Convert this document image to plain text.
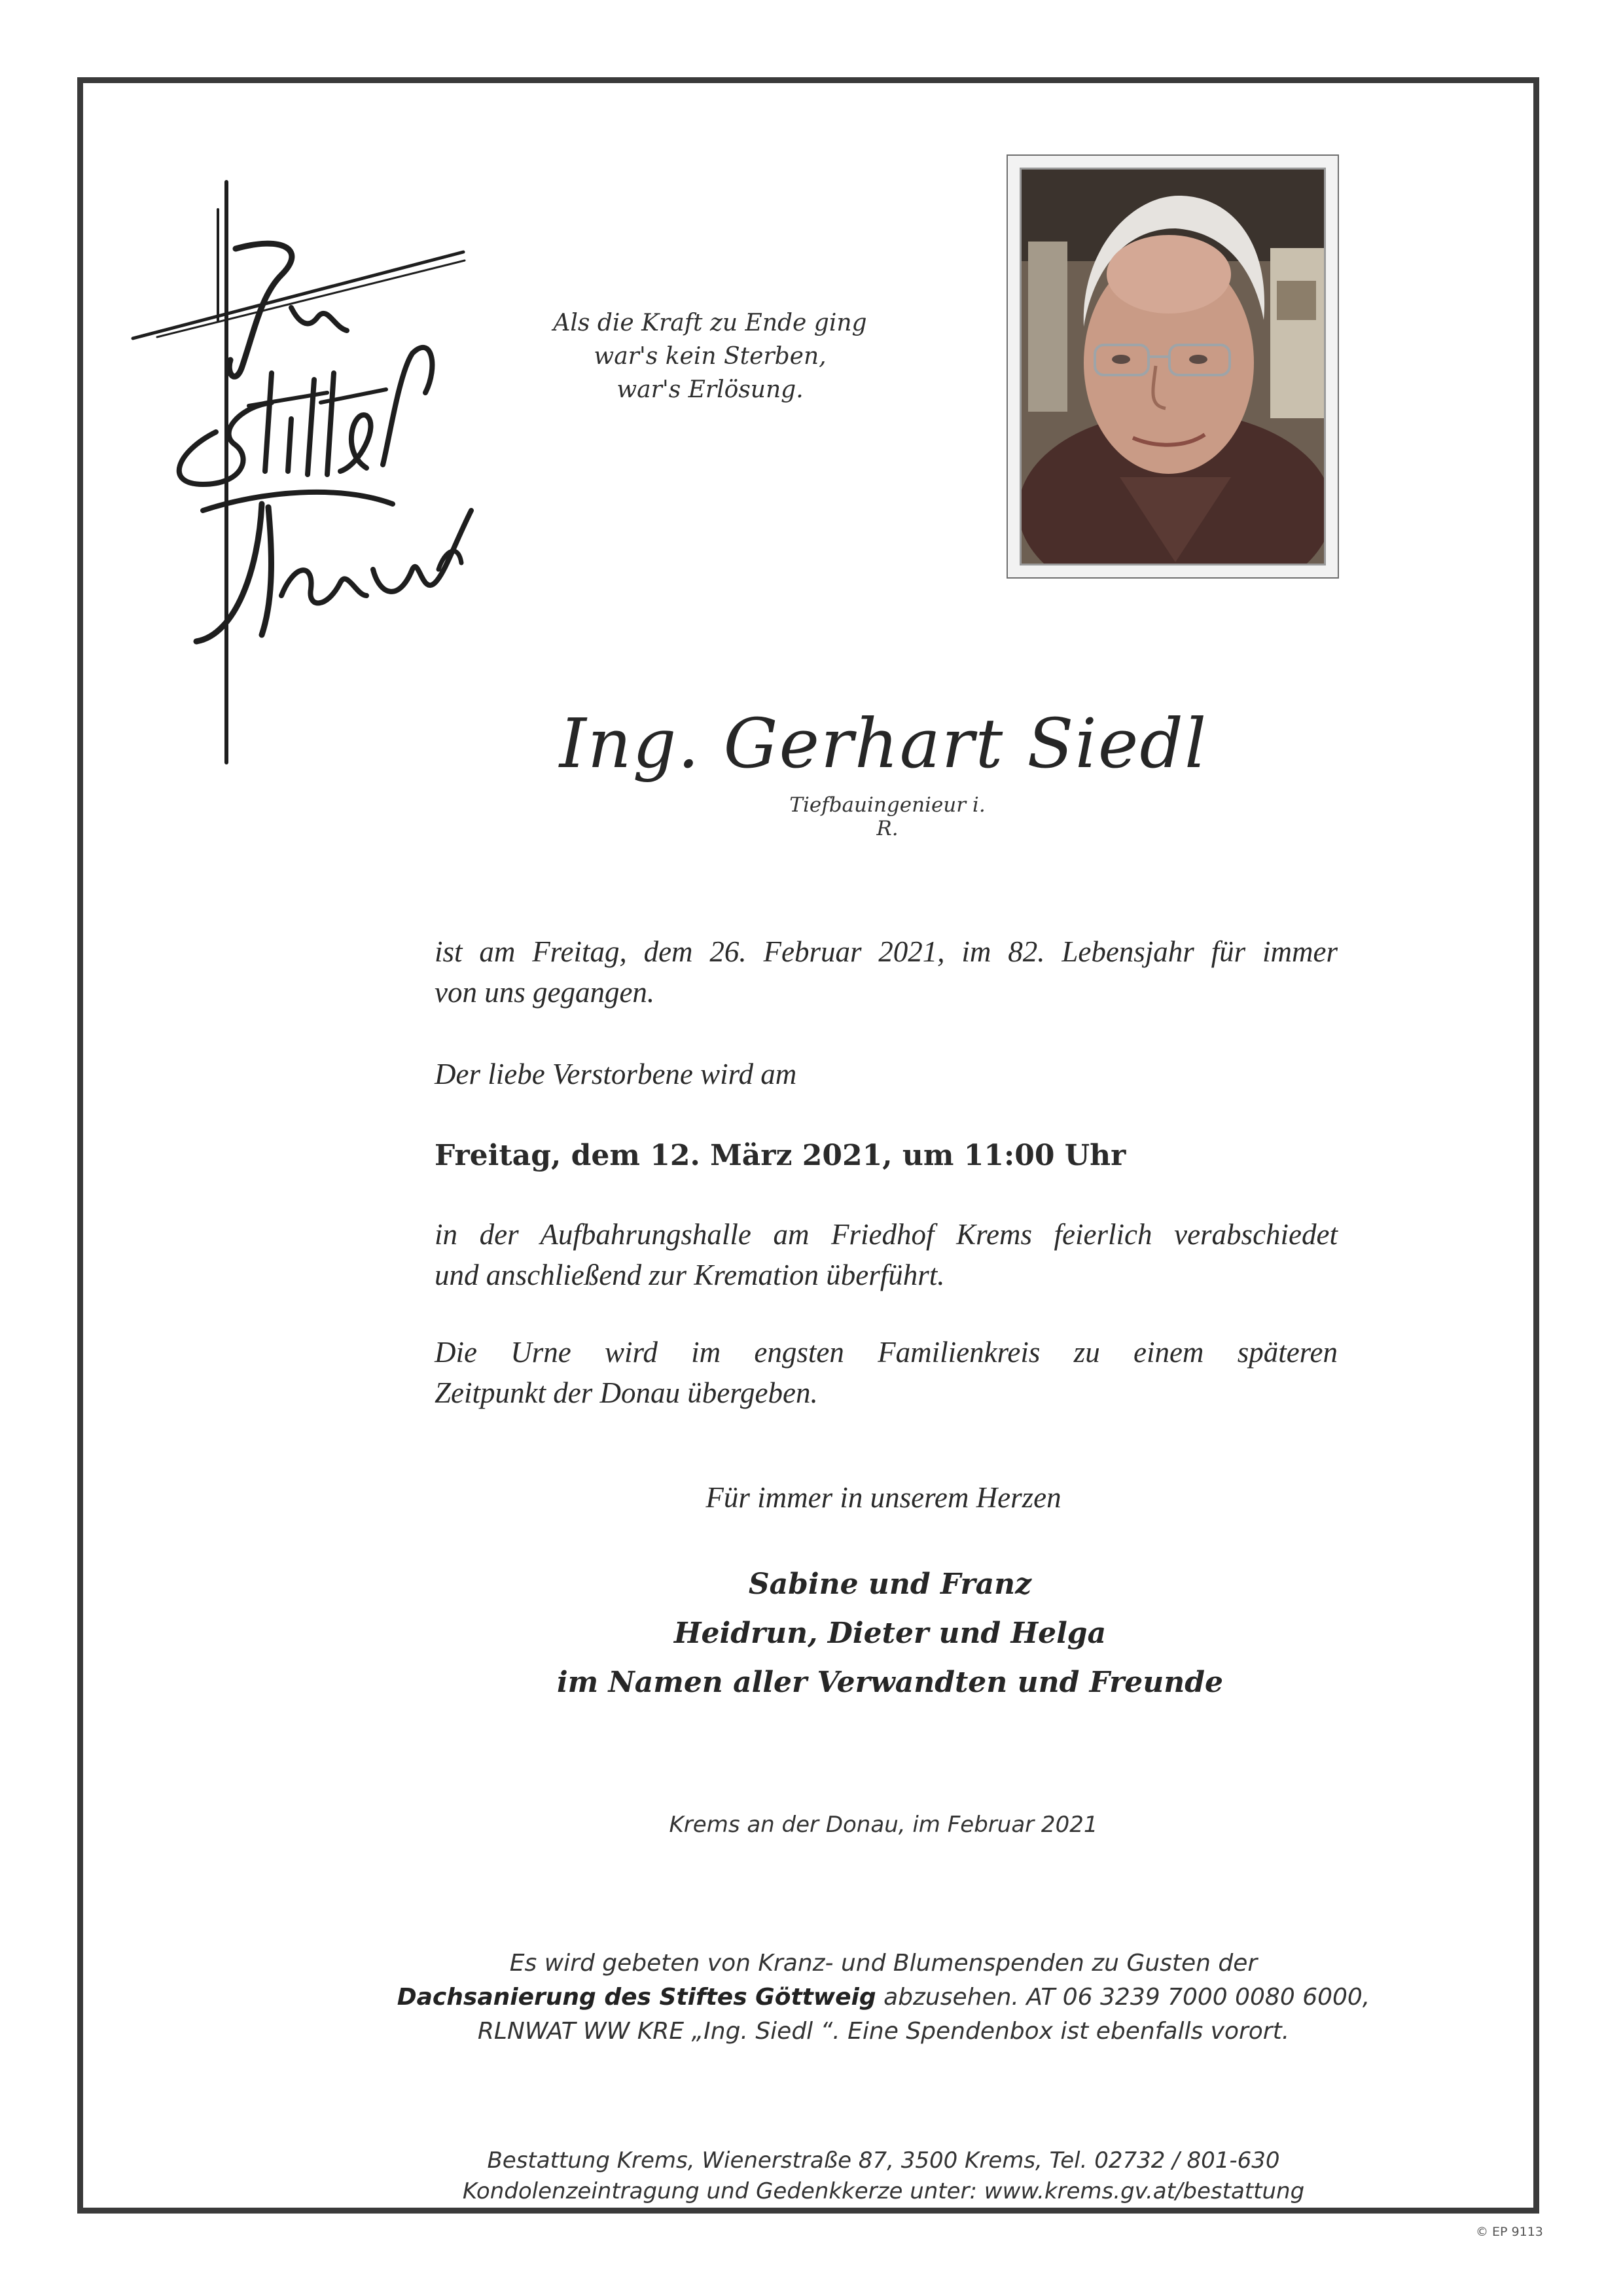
Als die Kraft zu Ende ging
war's kein Sterben,
war's Erlösung.
Ing. Gerhart Siedl
Tiefbauingenieur i. R.
ist am Freitag, dem 26. Februar 2021, im 82. Lebensjahr für immer
von uns gegangen.
Der liebe Verstorbene wird am
Freitag, dem 12. März 2021, um 11:00 Uhr
in der Aufbahrungshalle am Friedhof Krems feierlich verabschiedet
und anschließend zur Kremation überführt.
Die Urne wird im engsten Familienkreis zu einem späteren
Zeitpunkt der Donau übergeben.
Für immer in unserem Herzen
Sabine und Franz
Heidrun, Dieter und Helga
im Namen aller Verwandten und Freunde
Krems an der Donau, im Februar 2021
Es wird gebeten von Kranz- und Blumenspenden zu Gusten der
Dachsanierung des Stiftes Göttweig abzusehen. AT 06 3239 7000 0080 6000,
RLNWAT WW KRE „Ing. Siedl “. Eine Spendenbox ist ebenfalls vorort.
Bestattung Krems, Wienerstraße 87, 3500 Krems, Tel. 02732 / 801-630
Kondolenzeintragung und Gedenkkerze unter: www.krems.gv.at/bestattung
© EP 9113
